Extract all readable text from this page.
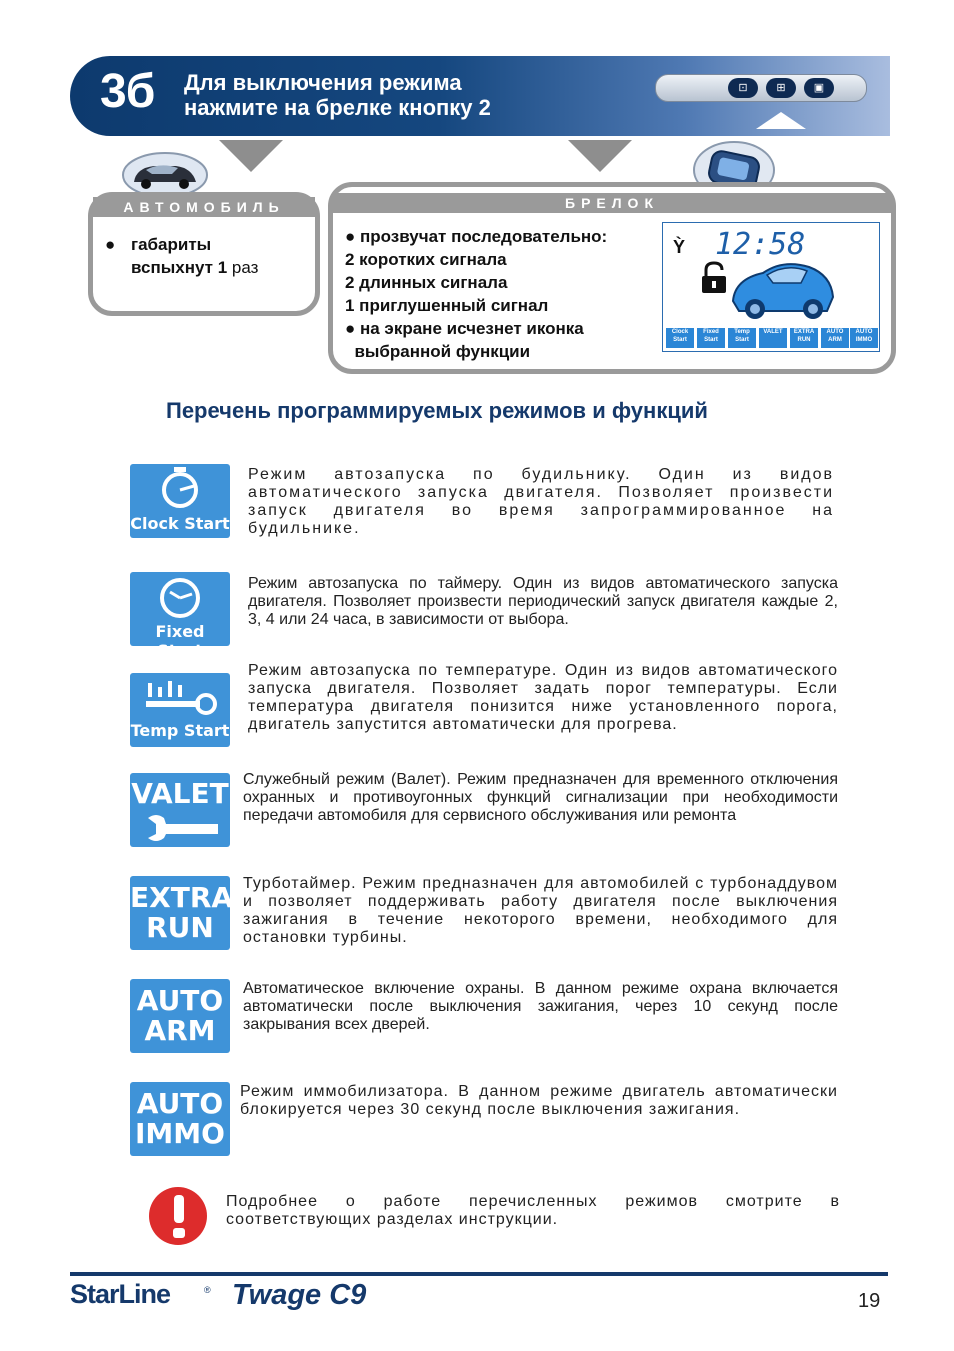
3б Для выключения режима
нажмите на брелке кнопку 2
⊡	⊞	▣
АВТОМОБИЛЬ
● габариты
вспыхнут 1 раз
БРЕЛОК
● прозвучат последовательно:
2 коротких сигнала
2 длинных сигнала
1 приглушенный сигнал
● на экране исчезнет иконка
выбранной функции
Ỳ 12:58
Clock Start
Fixed Start
Temp Start
VALET	EXTRA RUN
AUTO ARM
AUTO IMMO
Перечень программируемых режимов и функций
Clock Start
Режим автозапуска по будильнику. Один из видов автоматического запуска двигателя. Позволяет произвести запуск двигателя во время запрограммированное на будильнике.
Fixed Start
Режим автозапуска по таймеру. Один из видов автоматического запуска двигателя. Позволяет произвести периодический запуск двигателя каждые 2, 3, 4 или 24 часа, в зависимости от выбора.
Temp Start
Режим автозапуска по температуре. Один из видов автоматического запуска двигателя. Позволяет задать порог температуры. Если температура двигателя понизится ниже установленного порога, двигатель запустится автоматически для прогрева.
VALET Служебный режим (Валет). Режим предназначен для временного отключения охранных и противоугонных функций сигнализации при необходимости передачи автомобиля для сервисного обслуживания или ремонта
EXTRA
RUN
Турботаймер. Режим предназначен для автомобилей с турбонаддувом и позволяет поддерживать работу двигателя после выключения зажигания в течение некоторого времени, необходимого для остановки турбины.
AUTO
ARM
Автоматическое включение охраны. В данном режиме охрана включается автоматически после выключения зажигания, через 10 секунд после закрывания всех дверей.
AUTO
IMMO
Режим иммобилизатора. В данном режиме двигатель автоматически блокируется через 30 секунд после выключения зажигания.
Подробнее о работе перечисленных режимов смотрите в соответствующих разделах инструкции.
StarLine	® Twage C9	19
